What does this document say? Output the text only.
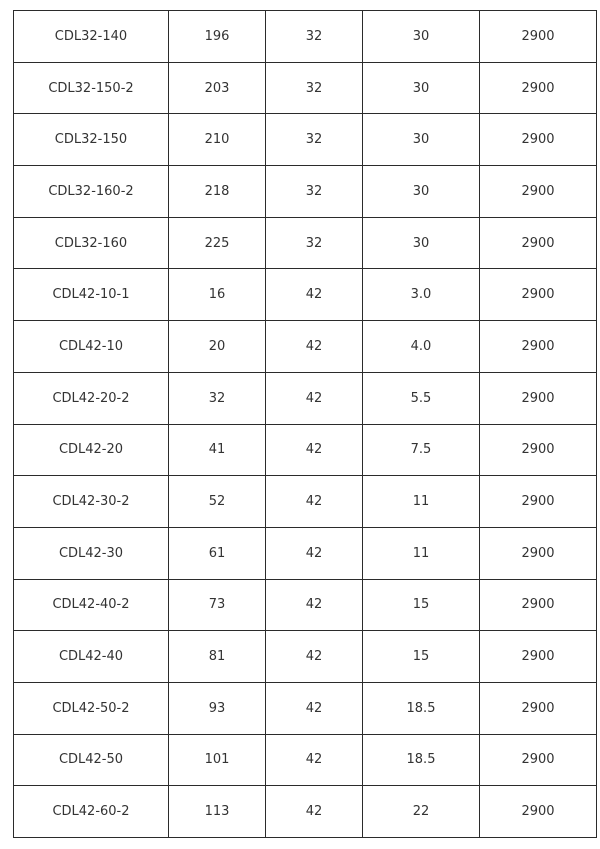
CDL32-140	196	32	30	2900
CDL32-150-2	203	32	30	2900
CDL32-150	210	32	30	2900
CDL32-160-2	218	32	30	2900
CDL32-160	225	32	30	2900
CDL42-10-1	16	42	3.0	2900
CDL42-10	20	42	4.0	2900
CDL42-20-2	32	42	5.5	2900
CDL42-20	41	42	7.5	2900
CDL42-30-2	52	42	11	2900
CDL42-30	61	42	11	2900
CDL42-40-2	73	42	15	2900
CDL42-40	81	42	15	2900
CDL42-50-2	93	42	18.5	2900
CDL42-50	101	42	18.5	2900
CDL42-60-2	113	42	22	2900
